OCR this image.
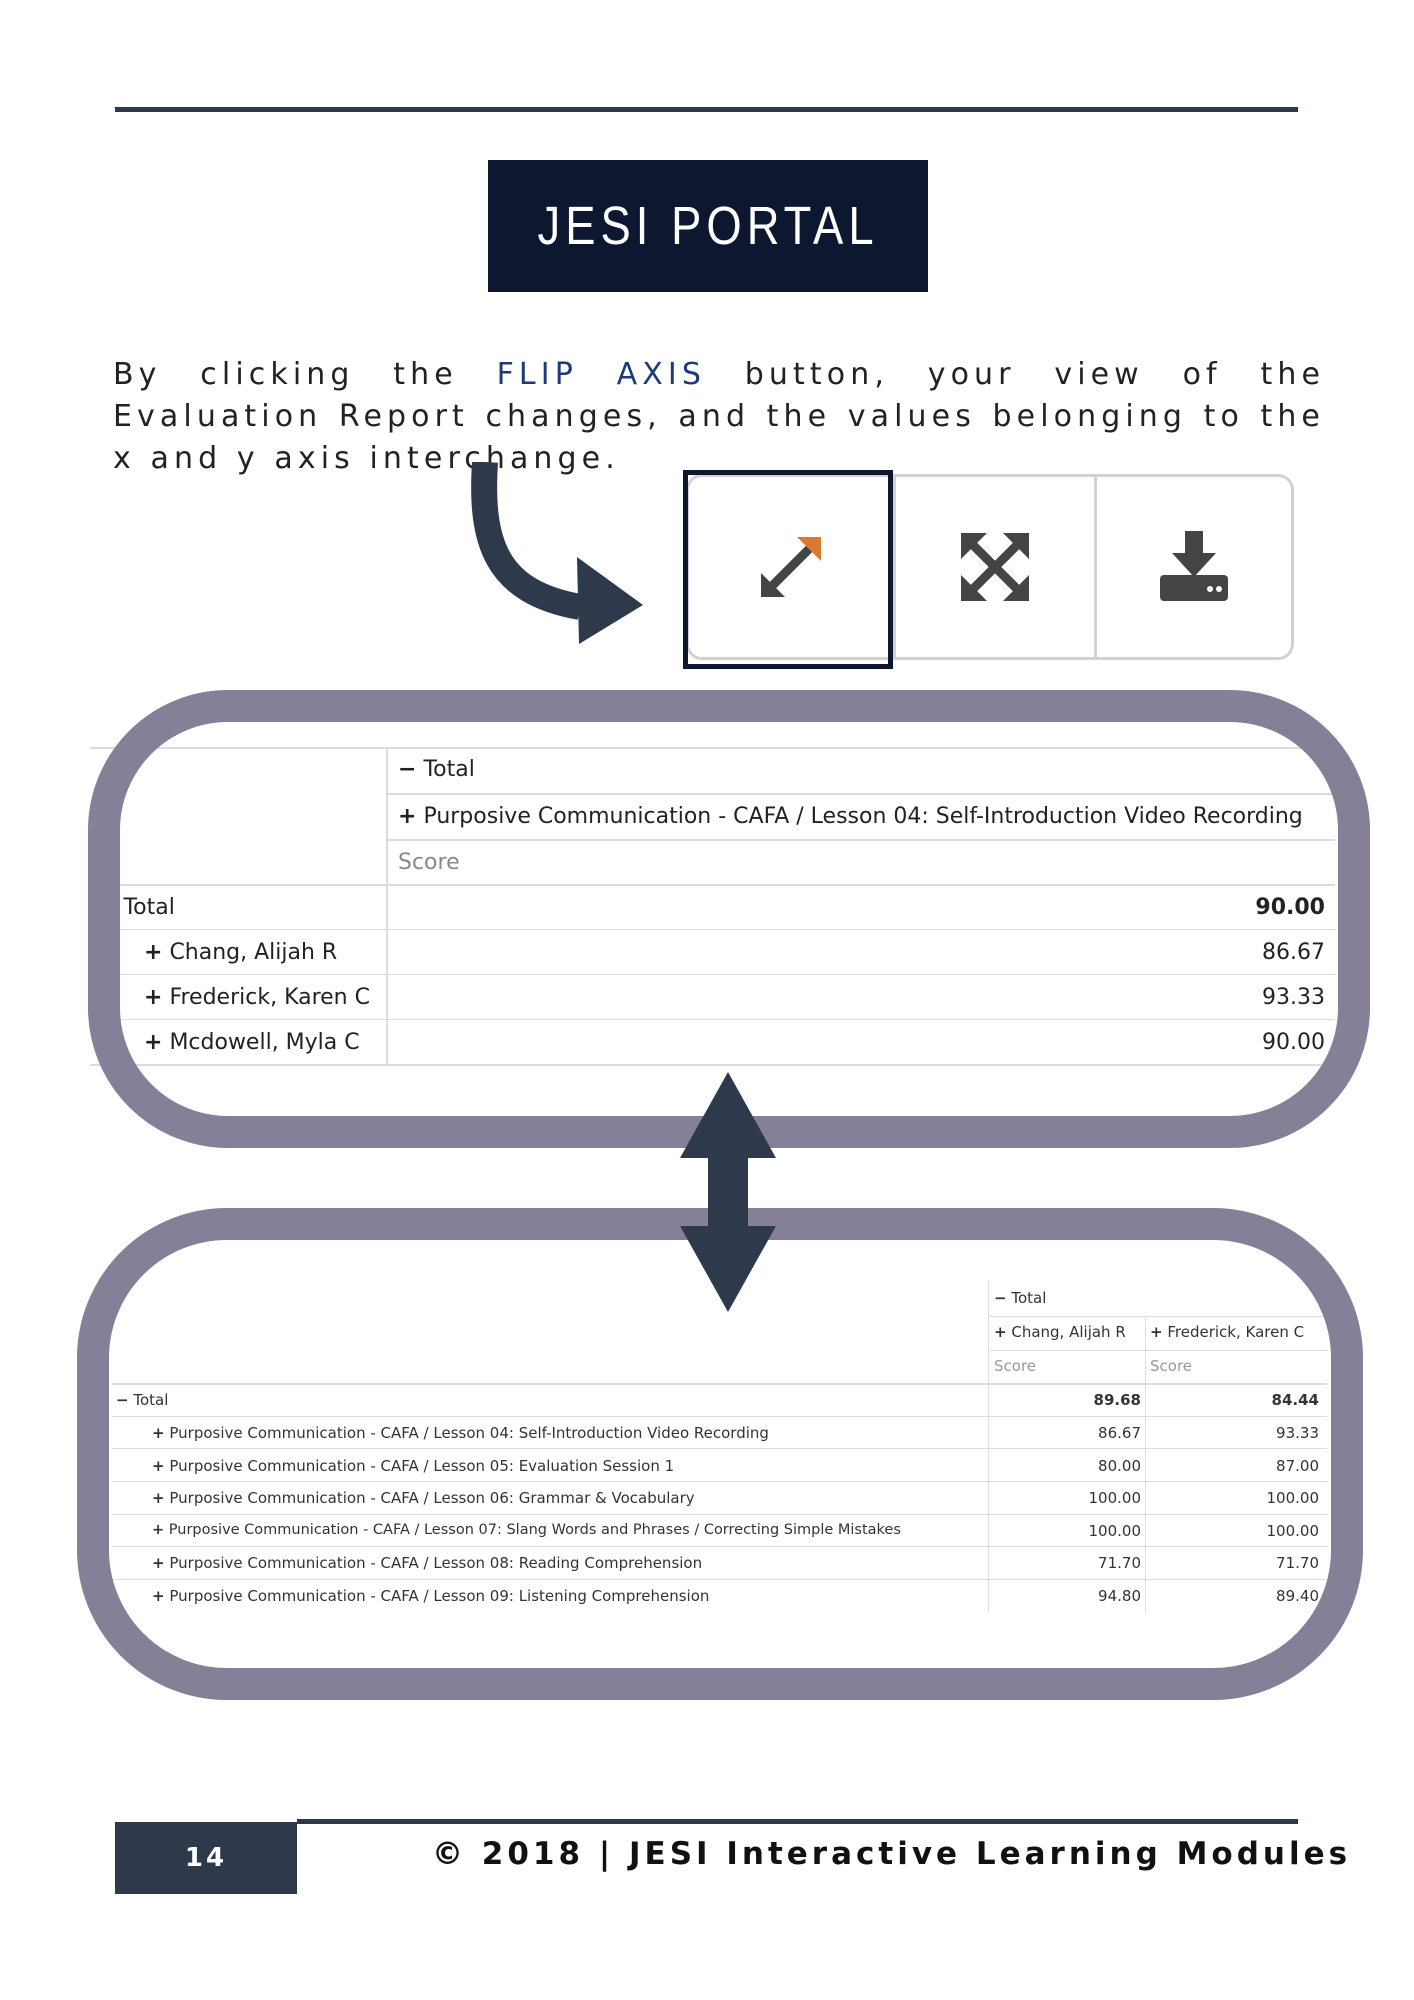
JESI PORTAL
By clicking the FLIP AXIS button, your view of the Evaluation Report changes, and the values belonging to the x and y axis interchange.
− Total
+ Purposive Communication - CAFA / Lesson 04: Self-Introduction Video Recording
Score
− Total	90.00
+ Chang, Alijah R	86.67
+ Frederick, Karen C	93.33
+ Mcdowell, Myla C	90.00
− Total
+ Chang, Alijah R + Frederick, Karen C
Score	Score
− Total	89.68	84.44
+ Purposive Communication - CAFA / Lesson 04: Self-Introduction Video Recording	86.67	93.33
+ Purposive Communication - CAFA / Lesson 05: Evaluation Session 1	80.00	87.00
+ Purposive Communication - CAFA / Lesson 06: Grammar & Vocabulary	100.00	100.00
+ Purposive Communication - CAFA / Lesson 07: Slang Words and Phrases / Correcting Simple Mistakes	100.00	100.00
+ Purposive Communication - CAFA / Lesson 08: Reading Comprehension	71.70	71.70
+ Purposive Communication - CAFA / Lesson 09: Listening Comprehension	94.80	89.40
14	© 2018 | JESI Interactive Learning Modules
